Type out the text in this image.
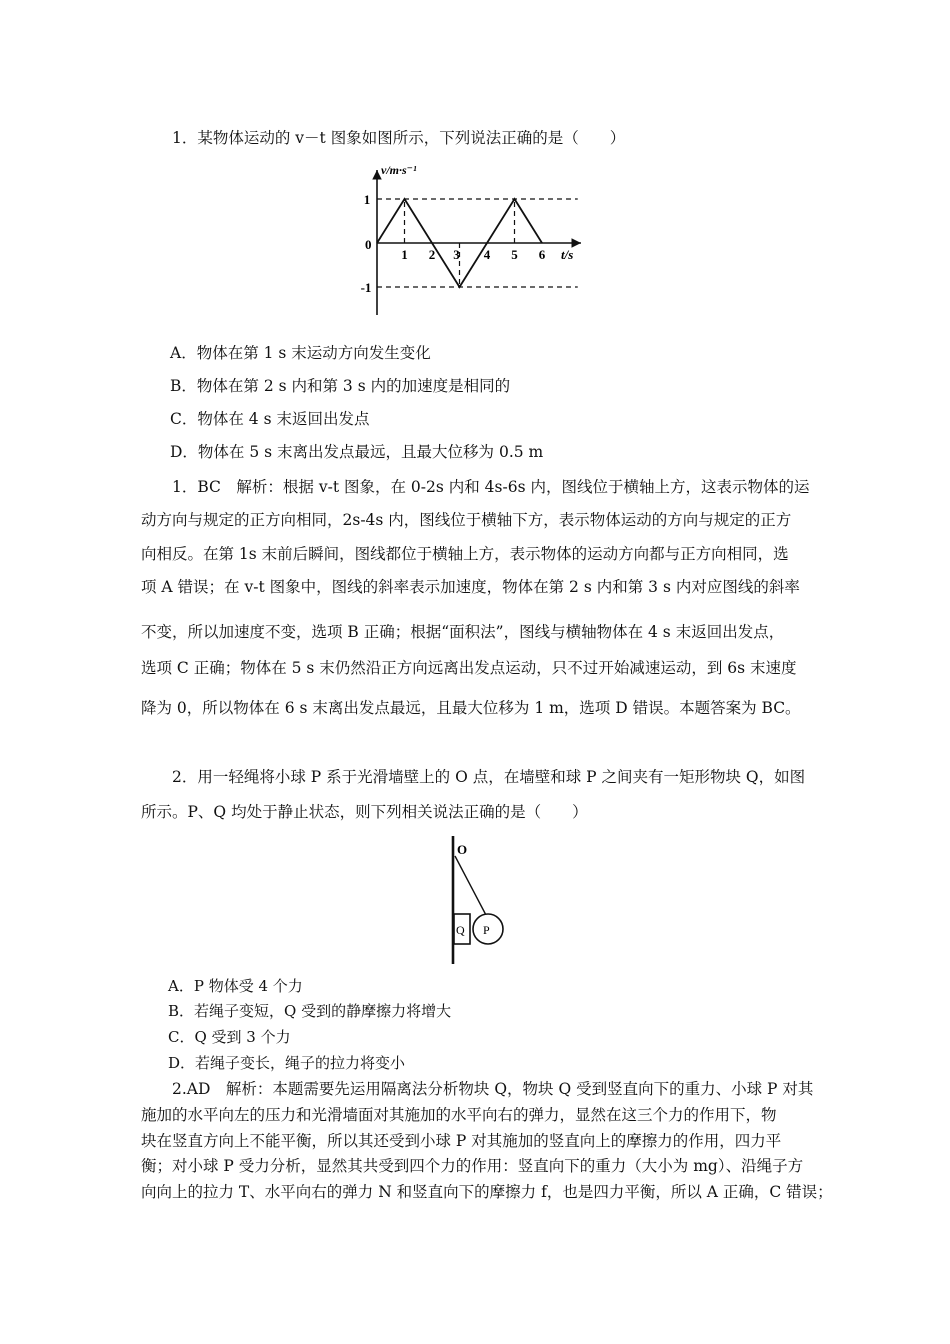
1．某物体运动的 v－t 图象如图所示，下列说法正确的是（　　）
1 2 3 4 5 6
1
-1
v/m·s⁻¹
t/s
0
A．物体在第 1 s 末运动方向发生变化
B．物体在第 2 s 内和第 3 s 内的加速度是相同的
C．物体在 4 s 末返回出发点
D．物体在 5 s 末离出发点最远，且最大位移为 0.5 m
1．BC　解析：根据 v-t 图象，在 0-2s 内和 4s-6s 内，图线位于横轴上方，这表示物体的运
动方向与规定的正方向相同，2s-4s 内，图线位于横轴下方，表示物体运动的方向与规定的正方
向相反。在第 1s 末前后瞬间，图线都位于横轴上方，表示物体的运动方向都与正方向相同，选
项 A 错误；在 v-t 图象中，图线的斜率表示加速度，物体在第 2 s 内和第 3 s 内对应图线的斜率
不变，所以加速度不变，选项 B 正确；根据“面积法”，图线与横轴物体在 4 s 末返回出发点，
选项 C 正确；物体在 5 s 末仍然沿正方向远离出发点运动，只不过开始减速运动，到 6s 末速度
降为 0，所以物体在 6 s 末离出发点最远，且最大位移为 1 m，选项 D 错误。本题答案为 BC。
2．用一轻绳将小球 P 系于光滑墙壁上的 O 点，在墙壁和球 P 之间夹有一矩形物块 Q，如图
所示。P、Q 均处于静止状态，则下列相关说法正确的是（　　）
O
Q P
A．P 物体受 4 个力
B．若绳子变短，Q 受到的静摩擦力将增大
C．Q 受到 3 个力
D．若绳子变长，绳子的拉力将变小
2.AD　解析：本题需要先运用隔离法分析物块 Q，物块 Q 受到竖直向下的重力、小球 P 对其
施加的水平向左的压力和光滑墙面对其施加的水平向右的弹力，显然在这三个力的作用下，物
块在竖直方向上不能平衡，所以其还受到小球 P 对其施加的竖直向上的摩擦力的作用，四力平
衡；对小球 P 受力分析，显然其共受到四个力的作用：竖直向下的重力（大小为 mg）、沿绳子方
向向上的拉力 T、水平向右的弹力 N 和竖直向下的摩擦力 f，也是四力平衡，所以 A 正确，C 错误；
